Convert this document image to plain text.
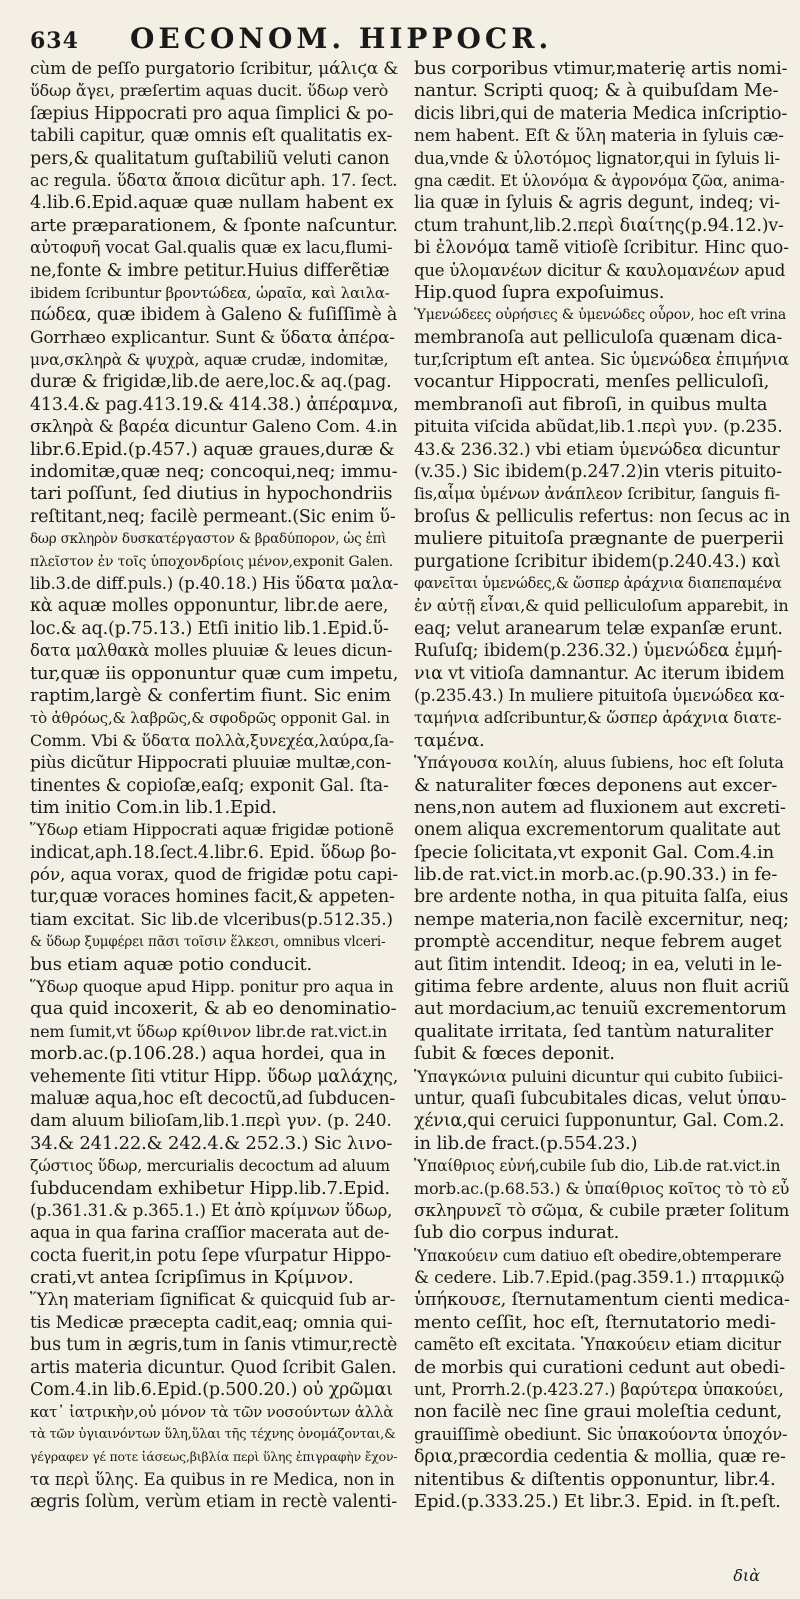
634 OECONOM. HIPPOCR.
cùm de peſſo purgatorio ſcribitur, μάλιϛα &
ὕδωρ ἄγει, præſertim aquas ducit. ὕδωρ verò
ſæpius Hippocrati pro aqua ſimplici & po-
tabili capitur, quæ omnis eſt qualitatis ex-
pers,& qualitatum guſtabiliũ veluti canon
ac regula. ὕδατα ἄποια dicũtur aph. 17. ſect.
4.lib.6.Epid.aquæ quæ nullam habent ex
arte præparationem, & ſponte naſcuntur.
αὐτοφυῆ vocat Gal.qualis quæ ex lacu,flumi-
ne,fonte & imbre petitur.Huius differẽtiæ
ibidem ſcribuntur βροντώδεα, ὡραῖα, καὶ λαιλα-
πώδεα, quæ ibidem à Galeno & fuſiſſimè à
Gorrhæo explicantur. Sunt & ὕδατα ἀπέρα-
μνα,σκληρὰ & ψυχρὰ, aquæ crudæ, indomitæ,
duræ & frigidæ,lib.de aere,loc.& aq.(pag.
413.4.& pag.413.19.& 414.38.) ἀπέραμνα,
σκληρὰ & βαρέα dicuntur Galeno Com. 4.in
libr.6.Epid.(p.457.) aquæ graues,duræ &
indomitæ,quæ neq; concoqui,neq; immu-
tari poſſunt, ſed diutius in hypochondriis
reſtitant,neq; facilè permeant.(Sic enim ὕ-
δωρ σκληρὸν δυσκατέργαστον & βραδύπορον, ὡς ἐπὶ
πλεῖστον ἐν τοῖς ὑποχονδρίοις μένον,exponit Galen.
lib.3.de diff.puls.) (p.40.18.) His ὕδατα μαλα-
κὰ aquæ molles opponuntur, libr.de aere,
loc.& aq.(p.75.13.) Etſi initio lib.1.Epid.ὕ-
δατα μαλθακὰ molles pluuiæ & leues dicun-
tur,quæ iis opponuntur quæ cum impetu,
raptim,largè & confertim fiunt. Sic enim
τὸ ἀθρόως,& λαβρῶς,& σφοδρῶς opponit Gal. in
Comm. Vbi & ὕδατα πολλὰ,ξυνεχέα,λαύρα,ſa-
piùs dicũtur Hippocrati pluuiæ multæ,con-
tinentes & copioſæ,eaſq; exponit Gal. ſta-
tim initio Com.in lib.1.Epid.
Ὕδωρ etiam Hippocrati aquæ frigidæ potionẽ
indicat,aph.18.ſect.4.libr.6. Epid. ὕδωρ βο-
ρόν, aqua vorax, quod de frigidæ potu capi-
tur,quæ voraces homines facit,& appeten-
tiam excitat. Sic lib.de vlceribus(p.512.35.)
& ὕδωρ ξυμφέρει πᾶσι τοῖσιν ἕλκεσι, omnibus vlceri-
bus etiam aquæ potio conducit.
Ὕδωρ quoque apud Hipp. ponitur pro aqua in
qua quid incoxerit, & ab eo denominatio-
nem ſumit,vt ὕδωρ κρίθινον libr.de rat.vict.in
morb.ac.(p.106.28.) aqua hordei, qua in
vehemente ſiti vtitur Hipp. ὕδωρ μαλάχης,
maluæ aqua,hoc eſt decoctũ,ad ſubducen-
dam aluum bilioſam,lib.1.περὶ γυν. (p. 240.
34.& 241.22.& 242.4.& 252.3.) Sic λινο-
ζώστιος ὕδωρ, mercurialis decoctum ad aluum
ſubducendam exhibetur Hipp.lib.7.Epid.
(p.361.31.& p.365.1.) Et ἀπὸ κρίμνων ὕδωρ,
aqua in qua farina craſſior macerata aut de-
cocta fuerit,in potu ſepe vſurpatur Hippo-
crati,vt antea ſcripſimus in Κρίμνον.
Ὕλη materiam ſignificat & quicquid ſub ar-
tis Medicæ præcepta cadit,eaq; omnia qui-
bus tum in ægris,tum in ſanis vtimur,rectè
artis materia dicuntur. Quod ſcribit Galen.
Com.4.in lib.6.Epid.(p.500.20.) οὐ χρῶμαι
κατ᾽ ἰατρικὴν,οὐ μόνον τὰ τῶν νοσούντων ἀλλὰ
τὰ τῶν ὑγιαινόντων ὕλη,ὕλαι τῆς τέχνης ὀνομάζονται,&
γέγραφεν γέ ποτε ἰάσεως,βιβλία περὶ ὕλης ἐπιγραφὴν ἔχον-
τα περὶ ὕλης. Ea quibus in re Medica, non in
ægris ſolùm, verùm etiam in rectè valenti-
bus corporibus vtimur,materię artis nomi-
nantur. Scripti quoq; & à quibuſdam Me-
dicis libri,qui de materia Medica inſcriptio-
nem habent. Eſt & ὕλη materia in ſyluis cæ-
dua,vnde & ὑλοτόμος lignator,qui in ſyluis li-
gna cædit. Et ὑλονόμα & ἀγρονόμα ζῶα, anima-
lia quæ in ſyluis & agris degunt, indeq; vi-
ctum trahunt,lib.2.περὶ διαίτης(p.94.12.)v-
bi ἐλονόμα tamẽ vitioſè ſcribitur. Hinc quo-
que ὑλομανέων dicitur & καυλομανέων apud
Hip.quod ſupra expoſuimus.
Ὑμενώδεες οὐρήσιες & ὑμενώδες οὖρον, hoc eſt vrina
membranoſa aut pelliculoſa quænam dica-
tur,ſcriptum eſt antea. Sic ὑμενώδεα ἐπιμήνια
vocantur Hippocrati, menſes pelliculoſi,
membranoſi aut fibroſi, in quibus multa
pituita viſcida abũdat,lib.1.περὶ γυν. (p.235.
43.& 236.32.) vbi etiam ὑμενώδεα dicuntur
(v.35.) Sic ibidem(p.247.2)in vteris pituito-
ſis,αἷμα ὑμένων ἀνάπλεον ſcribitur, ſanguis fi-
broſus & pelliculis refertus: non ſecus ac in
muliere pituitoſa prægnante de puerperii
purgatione ſcribitur ibidem(p.240.43.) καὶ
φανεῖται ὑμενώδες,& ὥσπερ ἀράχνια διαπεπαμένα
ἐν αὐτῇ εἶναι,& quid pelliculoſum apparebit, in
eaq; velut aranearum telæ expanſæ erunt.
Ruſuſq; ibidem(p.236.32.) ὑμενώδεα ἐμμή-
νια vt vitioſa damnantur. Ac iterum ibidem
(p.235.43.) In muliere pituitoſa ὑμενώδεα κα-
ταμήνια adſcribuntur,& ὥσπερ ἀράχνια διατε-
ταμένα.
Ὑπάγουσα κοιλίη, aluus ſubiens, hoc eſt ſoluta
& naturaliter fœces deponens aut excer-
nens,non autem ad fluxionem aut excreti-
onem aliqua excrementorum qualitate aut
ſpecie ſolicitata,vt exponit Gal. Com.4.in
lib.de rat.vict.in morb.ac.(p.90.33.) in fe-
bre ardente notha, in qua pituita ſalſa, eius
nempe materia,non facilè excernitur, neq;
promptè accenditur, neque febrem auget
aut ſitim intendit. Ideoq; in ea, veluti in le-
gitima febre ardente, aluus non fluit acriũ
aut mordacium,ac tenuiũ excrementorum
qualitate irritata, ſed tantùm naturaliter
ſubit & fœces deponit.
Ὑπαγκώνια puluini dicuntur qui cubito ſubiici-
untur, quaſi ſubcubitales dicas, velut ὑπαυ-
χένια,qui ceruici ſupponuntur, Gal. Com.2.
in lib.de fract.(p.554.23.)
Ὑπαίθριος εὐνή,cubile ſub dio, Lib.de rat.vict.in
morb.ac.(p.68.53.) & ὑπαίθριος κοῖτος τὸ τὸ εὖ
σκληρυνεῖ τὸ σῶμα, & cubile præter ſolitum
ſub dio corpus indurat.
Ὑπακούειν cum datiuo eſt obedire,obtemperare
& cedere. Lib.7.Epid.(pag.359.1.) πταρμικῷ
ὑπήκουσε, ſternutamentum cienti medica-
mento ceſſit, hoc eſt, ſternutatorio medi-
camẽto eſt excitata. Ὑπακούειν etiam dicitur
de morbis qui curationi cedunt aut obedi-
unt, Prorrh.2.(p.423.27.) βαρύτερα ὑπακούει,
non facilè nec ſine graui moleſtia cedunt,
grauiſſimè obediunt. Sic ὑπακούοντα ὑποχόν-
δρια,præcordia cedentia & mollia, quæ re-
nitentibus & diſtentis opponuntur, libr.4.
Epid.(p.333.25.) Et libr.3. Epid. in ſt.peſt.
διὰ
